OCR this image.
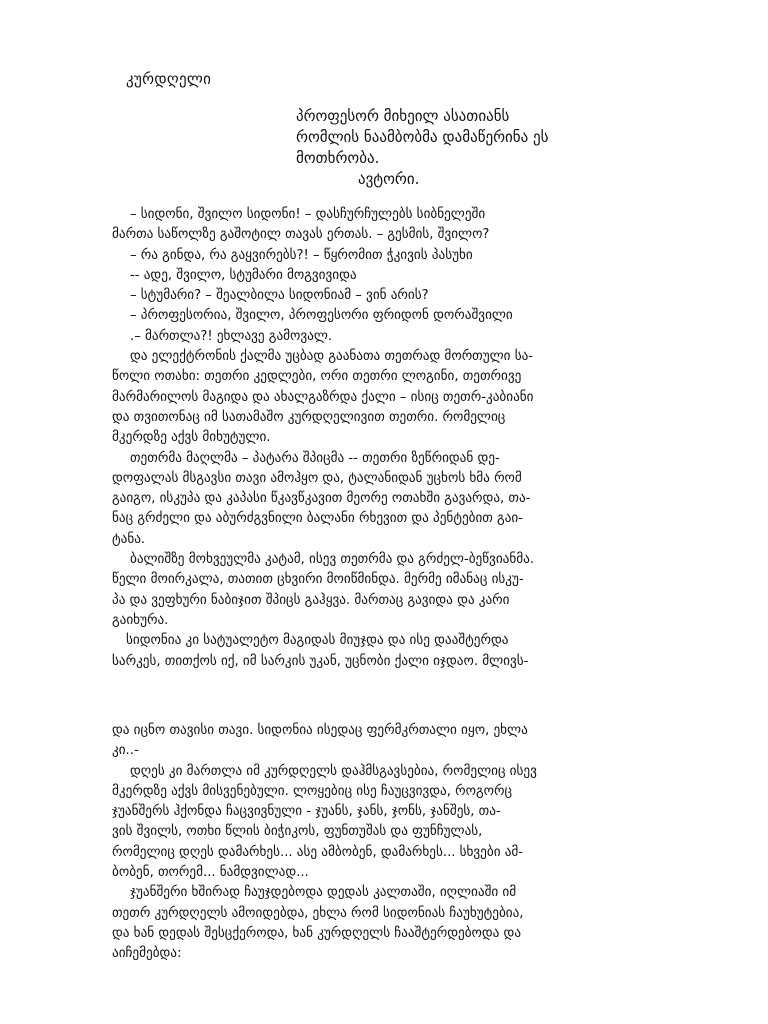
კურდღელი
პროფესორ მიხეილ ასათიანს
რომლის ნაამბობმა დამაწერინა ეს
მოთხრობა.
ავტორი.
– სიდონი, შვილო სიდონი! – დასჩურჩულებს სიბნელეში
მართა საწოლზე გაშოტილ თავას ერთას. – გესმის, შვილო?
– რა გინდა, რა გაყვირებს?! – წყრომით ჭკივის პასუხი
-- ადე, შვილო, სტუმარი მოგვივიდა
– სტუმარი? – შეალბილა სიდონიამ – ვინ არის?
– პროფესორია, შვილო, პროფესორი ფრიდონ დორაშვილი
.– მართლა?! ეხლავე გამოვალ.
და ელექტრონის ქალმა უცბად გაანათა თეთრად მორთული სა-
წოლი ოთახი: თეთრი კედლები, ორი თეთრი ლოგინი, თეთრივე
მარმარილოს მაგიდა და ახალგაზრდა ქალი – ისიც თეთრ-კაბიანი
და თვითონაც იმ სათამაშო კურდღელივით თეთრი. რომელიც
მკერდზე აქვს მიხუტული.
თეთრმა მაღლმა – პატარა შპიცმა -- თეთრი ზეწრიდან დე-
დოფალას მსგავსი თავი ამოჰყო და, ტალანიდან უცხოს ხმა რომ
გაიგო, ისკუპა და კაპასი წკავწკავით მეორე ოთახში გავარდა, თა-
ნაც გრძელი და აბურძგვნილი ბალანი რხევით და პენტებით გაი-
ტანა.
ბალიშზე მოხვეულმა კატამ, ისევ თეთრმა და გრძელ-ბეწვიანმა.
წელი მოირკალა, თათით ცხვირი მოიწმინდა. მერმე იმანაც ისკუ-
პა და ვეფხური ნაბიჯით შპიცს გაჰყვა. მართაც გავიდა და კარი
გაიხურა.
სიდონია კი სატუალეტო მაგიდას მიუჯდა და ისე დააშტერდა
სარკეს, თითქოს იქ, იმ სარკის უკან, უცნობი ქალი იჯდაო. მლივს-
და იცნო თავისი თავი. სიდონია ისედაც ფერმკრთალი იყო, ეხლა
კი..-
დღეს კი მართლა იმ კურდღელს დაჰმსგავსებია, რომელიც ისევ
მკერდზე აქვს მისვენებული. ლოყებიც ისე ჩაუცვივდა, როგორც
ჯუანშერს ჰქონდა ჩაცვივნული - ჯუანს, ჯანს, ჯონს, ჯანშეს, თა-
ვის შვილს, ოთხი წლის ბიჭიკოს, ფუნთუშას და ფუნჩულას,
რომელიც დღეს დამარხეს... ასე ამბობენ, დამარხეს... სხვები ამ-
ბობენ, თორემ... ნამდვილად...
ჯუანშერი ხშირად ჩაუჯდებოდა დედას კალთაში, იღლიაში იმ
თეთრ კურდღელს ამოიდებდა, ეხლა რომ სიდონიას ჩაუხუტებია,
და ხან დედას შესცქეროდა, ხან კურდღელს ჩააშტერდებოდა და
აიჩემებდა:
